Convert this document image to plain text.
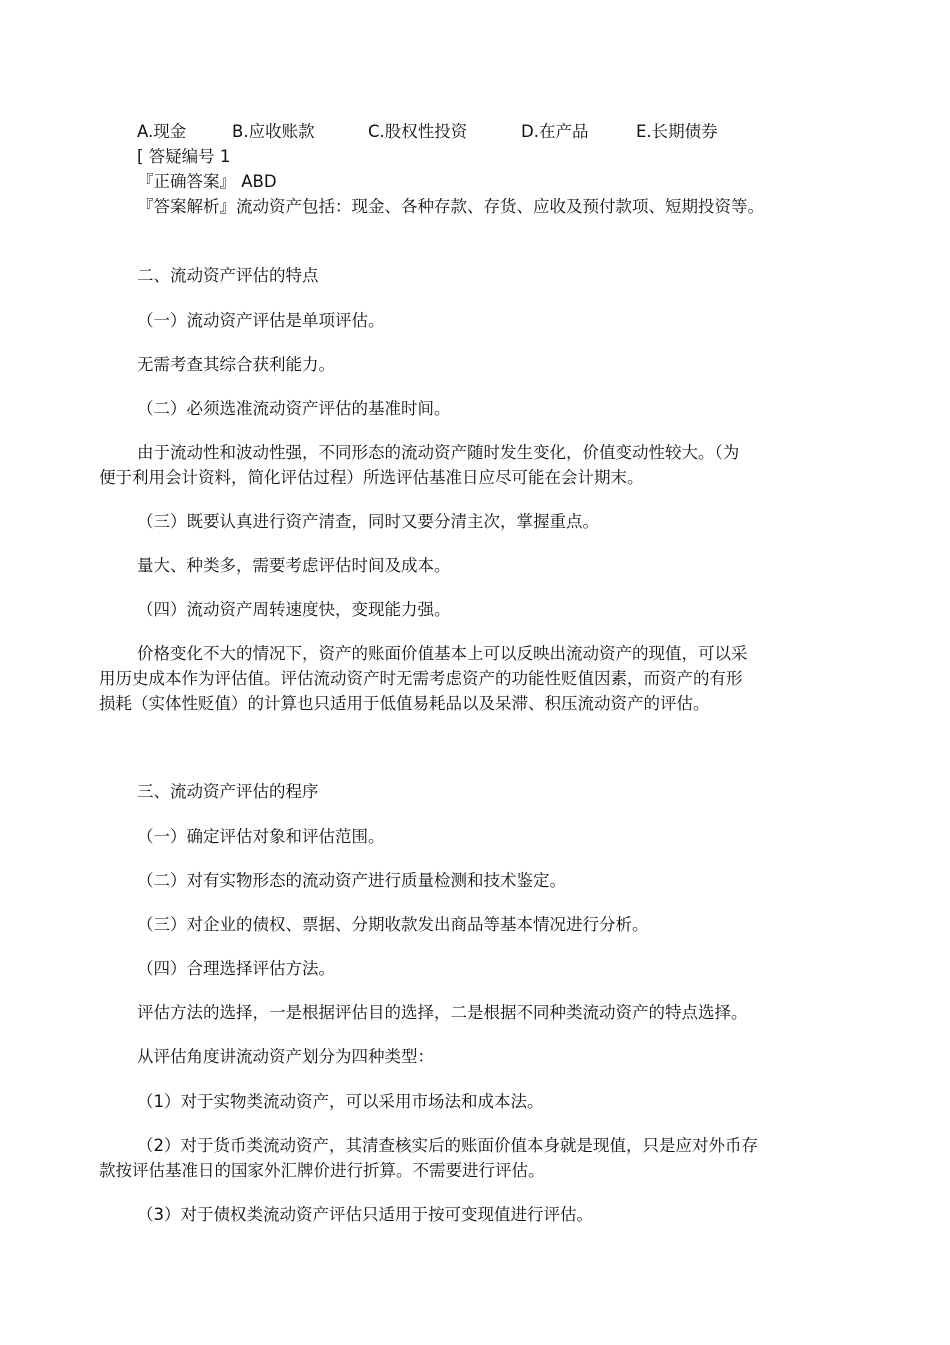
A.现金	B.应收账款	C.股权性投资	D.在产品	E.长期债券
[ 答疑编号 1
『正确答案』 ABD
『答案解析』流动资产包括：现金、各种存款、存货、应收及预付款项、短期投资等。
二、流动资产评估的特点
（一）流动资产评估是单项评估。
无需考查其综合获利能力。
（二）必须选准流动资产评估的基准时间。
由于流动性和波动性强，不同形态的流动资产随时发生变化，价值变动性较大。（为
便于利用会计资料，简化评估过程）所选评估基准日应尽可能在会计期末。
（三）既要认真进行资产清查，同时又要分清主次，掌握重点。
量大、种类多，需要考虑评估时间及成本。
（四）流动资产周转速度快，变现能力强。
价格变化不大的情况下，资产的账面价值基本上可以反映出流动资产的现值，可以采
用历史成本作为评估值。评估流动资产时无需考虑资产的功能性贬值因素，而资产的有形
损耗（实体性贬值）的计算也只适用于低值易耗品以及呆滞、积压流动资产的评估。
三、流动资产评估的程序
（一）确定评估对象和评估范围。
（二）对有实物形态的流动资产进行质量检测和技术鉴定。
（三）对企业的债权、票据、分期收款发出商品等基本情况进行分析。
（四）合理选择评估方法。
评估方法的选择，一是根据评估目的选择，二是根据不同种类流动资产的特点选择。
从评估角度讲流动资产划分为四种类型：
（1）对于实物类流动资产，可以采用市场法和成本法。
（2）对于货币类流动资产，其清查核实后的账面价值本身就是现值，只是应对外币存
款按评估基准日的国家外汇牌价进行折算。不需要进行评估。
（3）对于债权类流动资产评估只适用于按可变现值进行评估。
